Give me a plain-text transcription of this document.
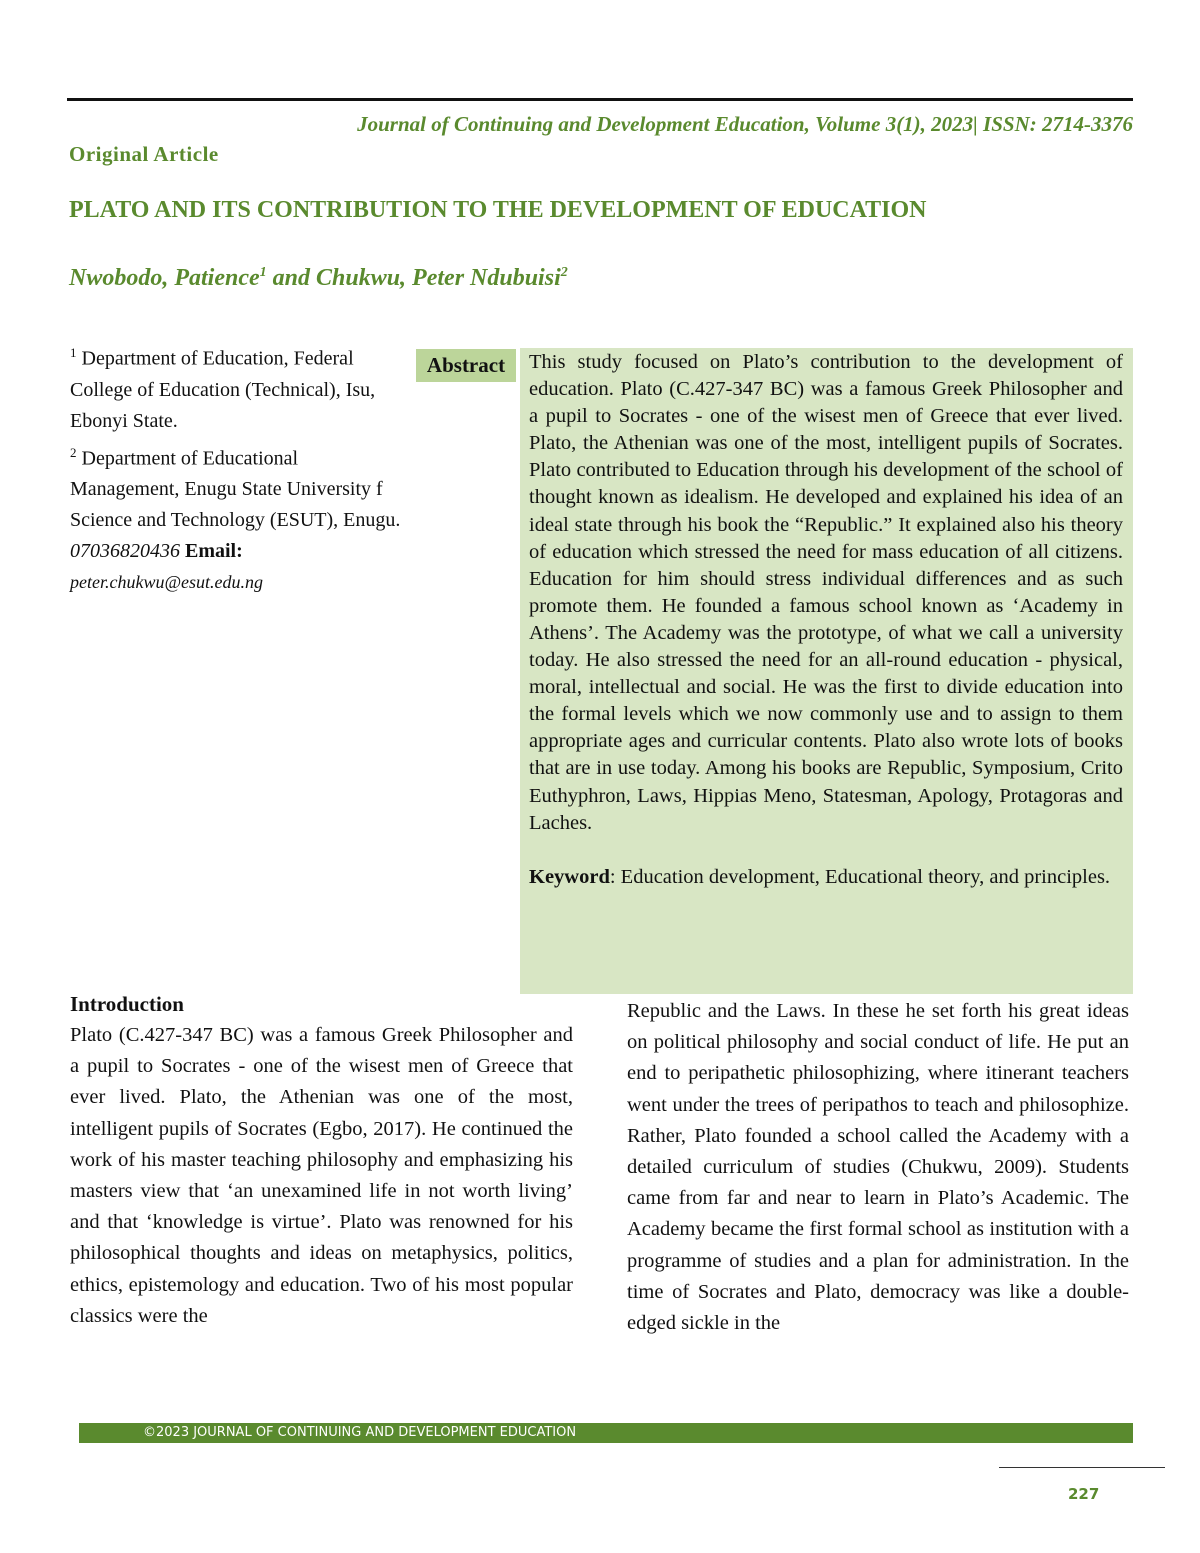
Journal of Continuing and Development Education, Volume 3(1), 2023| ISSN: 2714-3376
Original Article
PLATO AND ITS CONTRIBUTION TO THE DEVELOPMENT OF EDUCATION
Nwobodo, Patience$^1$ and Chukwu, Peter Ndubuisi$^2$

$^1$ Department of Education, Federal College of Education (Technical), Isu, Ebonyi State.

$^2$ Department of Educational Management, Enugu State University f Science and Technology (ESUT), Enugu.

07036820436 Email:

peter.chukwu@esut.edu.ng

Abstract	This study focused on Plato’s contribution to the development of education. Plato (C.427-347 BC) was a famous Greek Philosopher and a pupil to Socrates - one of the wisest men of Greece that ever lived. Plato, the Athenian was one of the most, intelligent pupils of Socrates. Plato contributed to Education through his development of the school of thought known as idealism. He developed and explained his idea of an ideal state through his book the “Republic.” It explained also his theory of education which stressed the need for mass education of all citizens. Education for him should stress individual differences and as such promote them. He founded a famous school known as ‘Academy in Athens’. The Academy was the prototype, of what we call a university today. He also stressed the need for an all-round education - physical, moral, intellectual and social. He was the first to divide education into the formal levels which we now commonly use and to assign to them appropriate ages and curricular contents. Plato also wrote lots of books that are in use today. Among his books are Republic, Symposium, Crito Euthyphron, Laws, Hippias Meno, Statesman, Apology, Protagoras and Laches.

Keyword: Education development, Educational theory, and principles.

Introduction

Plato (C.427-347 BC) was a famous Greek Philosopher and a pupil to Socrates - one of the wisest men of Greece that ever lived. Plato, the Athenian was one of the most, intelligent pupils of Socrates (Egbo, 2017). He continued the work of his master teaching philosophy and emphasizing his masters view that ‘an unexamined life in not worth living’ and that ‘knowledge is virtue’. Plato was renowned for his philosophical thoughts and ideas on metaphysics, politics, ethics, epistemology and education. Two of his most popular classics were the

Republic and the Laws. In these he set forth his great ideas on political philosophy and social conduct of life. He put an end to peripathetic philosophizing, where itinerant teachers went under the trees of peripathos to teach and philosophize. Rather, Plato founded a school called the Academy with a detailed curriculum of studies (Chukwu, 2009). Students came from far and near to learn in Plato’s Academic. The Academy became the first formal school as institution with a programme of studies and a plan for administration. In the time of Socrates and Plato, democracy was like a double-edged sickle in the

©2023 JOURNAL OF CONTINUING AND DEVELOPMENT EDUCATION
227
